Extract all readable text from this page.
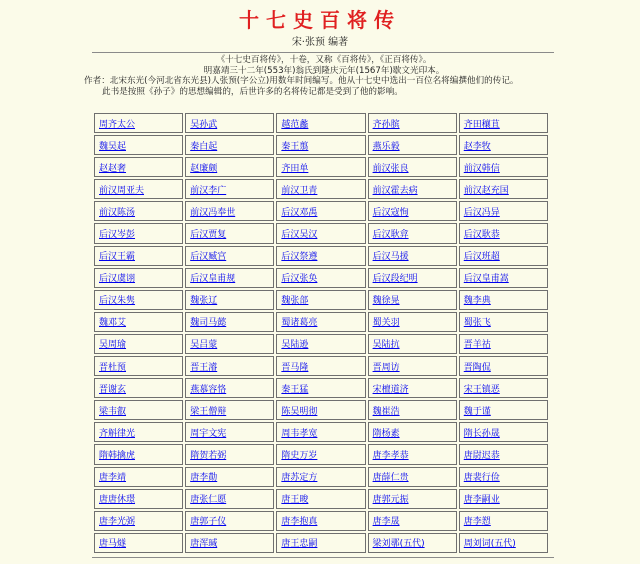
十七史百将传
宋·张预 编著
《十七史百将传》，十卷，又称《百将传》，《正百将传》。
明嘉靖三十二年(553年)翁氏到隆庆元年(1567年)歇文光印本。
作者：北宋东光(今河北省东光县)人张预(字公立)用数年时间编写。他从十七史中选出一百位名将编撰他们的传记。
此书是按照《孙子》的思想编辑的，后世许多的名将传记都是受到了他的影响。
周齐太公	吴孙武	越范蠡	齐孙膑	齐田穰苴
魏吴起	秦白起	秦王翦	燕乐毅	赵李牧
赵赵奢	赵廉颇	齐田单	前汉张良	前汉韩信
前汉周亚夫	前汉李广	前汉卫青	前汉霍去病	前汉赵充国
前汉陈汤	前汉冯奉世	后汉邓禹	后汉寇恂	后汉冯异
后汉岑彭	后汉贾复	后汉吴汉	后汉耿弇	后汉耿恭
后汉王霸	后汉臧宫	后汉祭遵	后汉马援	后汉班超
后汉虞诩	后汉皇甫规	后汉张奂	后汉段纪明	后汉皇甫嵩
后汉朱隽	魏张辽	魏张郃	魏徐晃	魏李典
魏邓艾	魏司马懿	蜀诸葛亮	蜀关羽	蜀张飞
吴周瑜	吴吕蒙	吴陆逊	吴陆抗	晋羊祜
晋杜预	晋王濬	晋马隆	晋周访	晋陶侃
晋谢玄	燕慕容恪	秦王猛	宋檀道济	宋王镇恶
梁韦叡	梁王僧辩	陈吴明彻	魏崔浩	魏于谨
齐斛律光	周宇文宪	周韦孝宽	隋杨素	隋长孙晟
隋韩擒虎	隋贺若弼	隋史万岁	唐李孝恭	唐尉迟恭
唐李靖	唐李勣	唐苏定方	唐薛仁贵	唐裴行俭
唐唐休璟	唐张仁愿	唐王晙	唐郭元振	唐李嗣业
唐李光弼	唐郭子仪	唐李抱真	唐李晟	唐李愬
唐马燧	唐浑瑊	唐王忠嗣	梁刘鄩(五代)	周刘词(五代)
